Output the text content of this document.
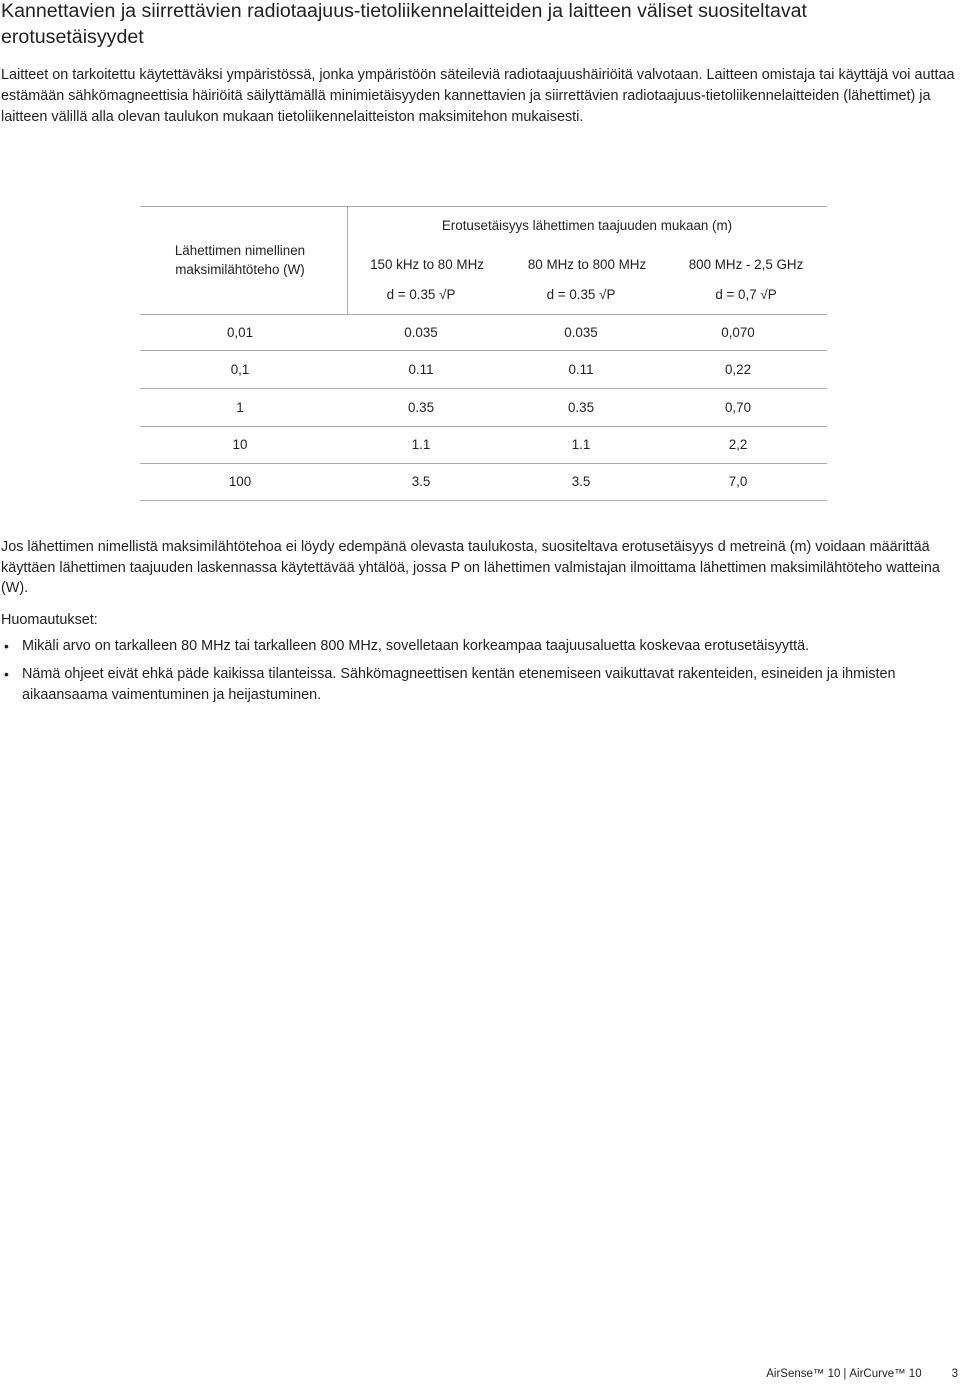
Kannettavien ja siirrettävien radiotaajuus-tietoliikennelaitteiden ja laitteen väliset suositeltavat erotusetäisyydet

Laitteet on tarkoitettu käytettäväksi ympäristössä, jonka ympäristöön säteileviä radiotaajuushäiriöitä valvotaan. Laitteen omistaja tai käyttäjä voi auttaa estämään sähkömagneettisia häiriöitä säilyttämällä minimietäisyyden kannettavien ja siirrettävien radiotaajuus-tietoliikennelaitteiden (lähettimet) ja laitteen välillä alla olevan taulukon mukaan tietoliikennelaitteiston maksimitehon mukaisesti.

Lähettimen nimellinen maksimilähtöteho (W)
Erotusetäisyys lähettimen taajuuden mukaan (m)
150 kHz to 80 MHz	80 MHz to 800 MHz	800 MHz - 2,5 GHz
d = 0.35 √P	d = 0.35 √P	d = 0,7 √P
0,01	0.035	0.035	0,070
0,1	0.11	0.11	0,22
1	0.35	0.35	0,70
10	1.1	1.1	2,2
100	3.5	3.5	7,0

Jos lähettimen nimellistä maksimilähtötehoa ei löydy edempänä olevasta taulukosta, suositeltava erotusetäisyys d metreinä (m) voidaan määrittää käyttäen lähettimen taajuuden laskennassa käytettävää yhtälöä, jossa P on lähettimen valmistajan ilmoittama lähettimen maksimilähtöteho watteina (W).

Huomautukset:
• Mikäli arvo on tarkalleen 80 MHz tai tarkalleen 800 MHz, sovelletaan korkeampaa taajuusaluetta koskevaa erotusetäisyyttä.
• Nämä ohjeet eivät ehkä päde kaikissa tilanteissa. Sähkömagneettisen kentän etenemiseen vaikuttavat rakenteiden, esineiden ja ihmisten aikaansaama vaimentuminen ja heijastuminen.
AirSense™ 10 | AirCurve™ 10	3
